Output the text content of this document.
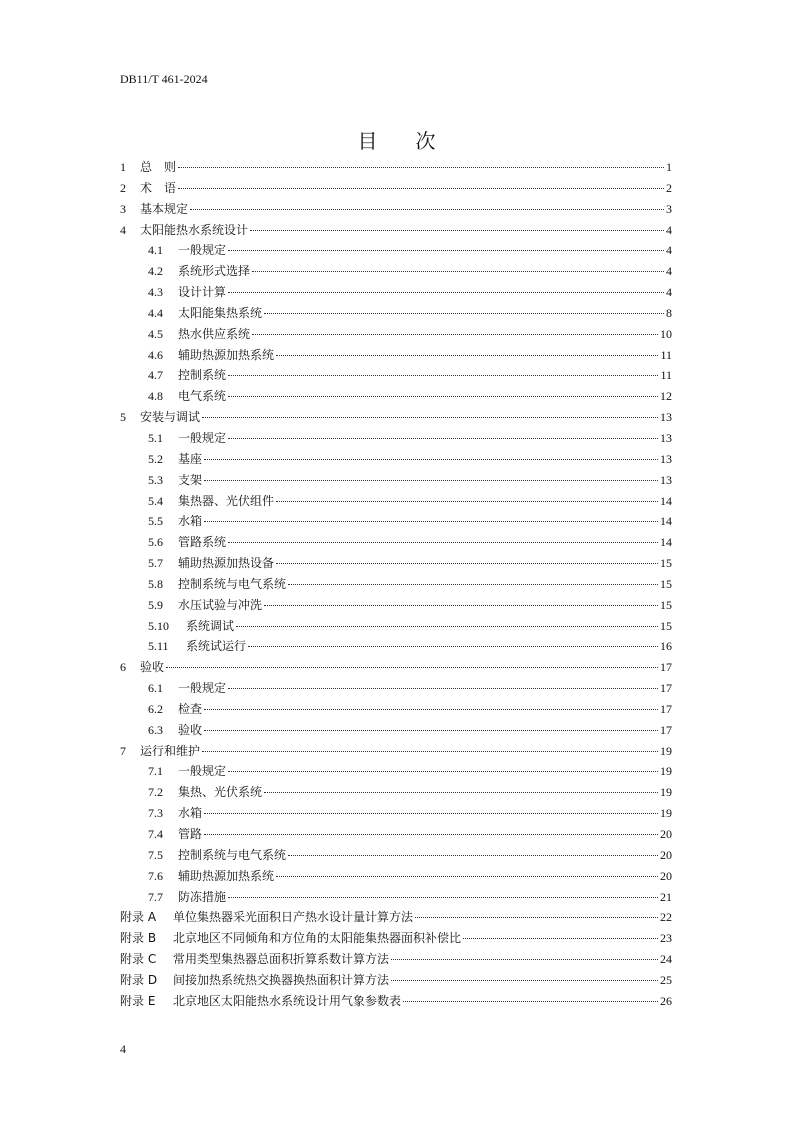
DB11/T 461-2024
目 次
1	总　则	1
2	术　语	2
3	基本规定	3
4	太阳能热水系统设计	4
4.1	一般规定	4
4.2	系统形式选择	4
4.3	设计计算	4
4.4	太阳能集热系统	8
4.5	热水供应系统	10
4.6	辅助热源加热系统	11
4.7	控制系统	11
4.8	电气系统	12
5	安装与调试	13
5.1	一般规定	13
5.2	基座	13
5.3	支架	13
5.4	集热器、光伏组件	14
5.5	水箱	14
5.6	管路系统	14
5.7	辅助热源加热设备	15
5.8	控制系统与电气系统	15
5.9	水压试验与冲洗	15
5.10	系统调试	15
5.11	系统试运行	16
6	验收	17
6.1	一般规定	17
6.2	检查	17
6.3	验收	17
7	运行和维护	19
7.1	一般规定	19
7.2	集热、光伏系统	19
7.3	水箱	19
7.4	管路	20
7.5	控制系统与电气系统	20
7.6	辅助热源加热系统	20
7.7	防冻措施	21
附录 A	单位集热器采光面积日产热水设计量计算方法	22
附录 B	北京地区不同倾角和方位角的太阳能集热器面积补偿比	23
附录 C	常用类型集热器总面积折算系数计算方法	24
附录 D	间接加热系统热交换器换热面积计算方法	25
附录 E	北京地区太阳能热水系统设计用气象参数表	26
4
